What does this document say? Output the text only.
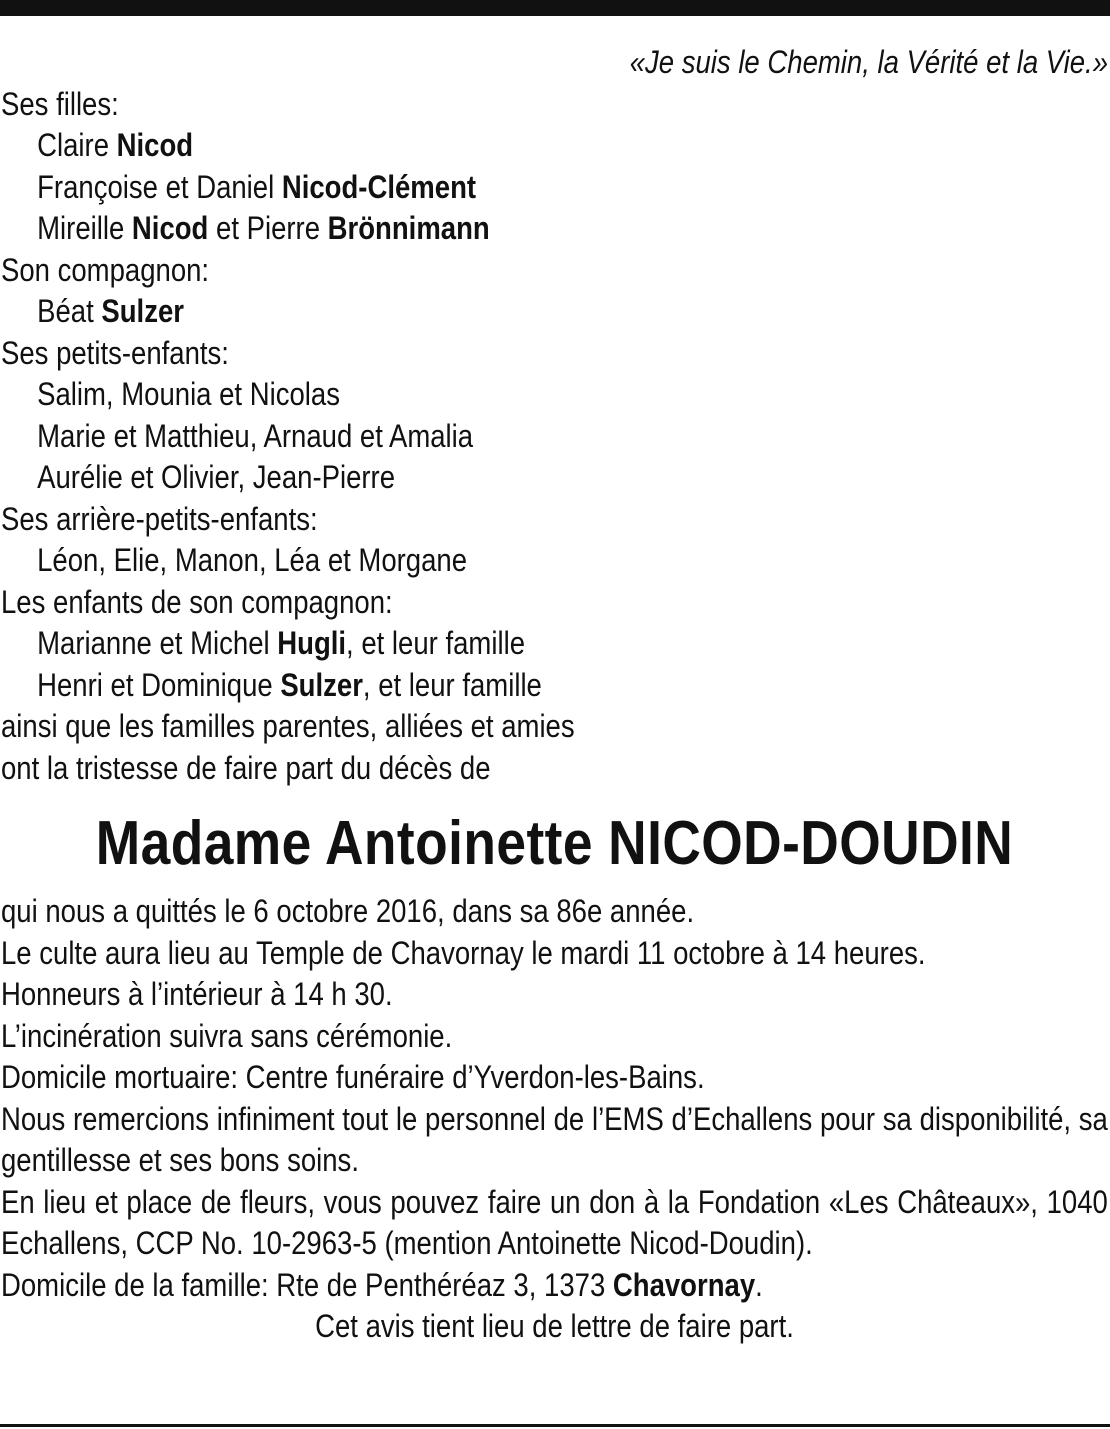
«Je suis le Chemin, la Vérité et la Vie.»
Ses filles:
Claire Nicod
Françoise et Daniel Nicod-Clément
Mireille Nicod et Pierre Brönnimann
Son compagnon:
Béat Sulzer
Ses petits-enfants:
Salim, Mounia et Nicolas
Marie et Matthieu, Arnaud et Amalia
Aurélie et Olivier, Jean-Pierre
Ses arrière-petits-enfants:
Léon, Elie, Manon, Léa et Morgane
Les enfants de son compagnon:
Marianne et Michel Hugli, et leur famille
Henri et Dominique Sulzer, et leur famille
ainsi que les familles parentes, alliées et amies
ont la tristesse de faire part du décès de
Madame Antoinette NICOD-DOUDIN
qui nous a quittés le 6 octobre 2016, dans sa 86e année.
Le culte aura lieu au Temple de Chavornay le mardi 11 octobre à 14 heures.
Honneurs à l’intérieur à 14 h 30.
L’incinération suivra sans cérémonie.
Domicile mortuaire: Centre funéraire d’Yverdon-les-Bains.
Nous remercions infiniment tout le personnel de l’EMS d’Echallens pour sa disponibilité, sa gentillesse et ses bons soins.
En lieu et place de fleurs, vous pouvez faire un don à la Fondation «Les Châteaux», 1040 Echallens, CCP No. 10-2963-5 (mention Antoinette Nicod-Doudin).
Domicile de la famille: Rte de Penthéréaz 3, 1373 Chavornay.
Cet avis tient lieu de lettre de faire part.
